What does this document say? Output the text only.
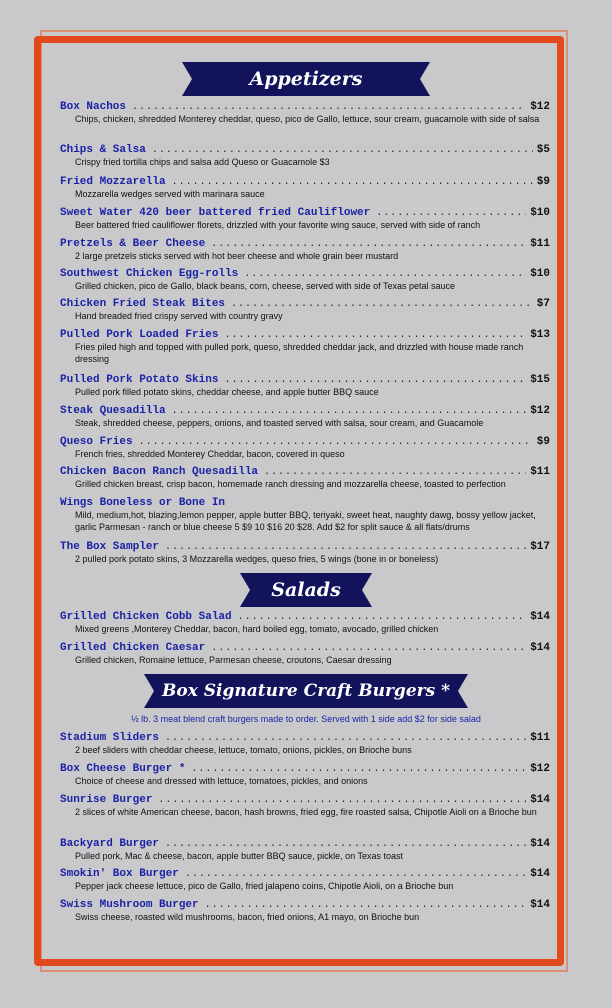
Appetizers
Box Nachos .....	$12
Chips, chicken, shredded Monterey cheddar, queso, pico de Gallo, lettuce, sour cream, guacamole with side of salsa
Chips & Salsa .....	$5
Crispy fried tortilla chips and salsa add Queso or Guacamole $3
Fried Mozzarella .....	$9
Mozzarella wedges served with marinara sauce
Sweet Water 420 beer battered fried Cauliflower .....	$10
Beer battered fried cauliflower florets, drizzled with your favorite wing sauce, served with side of ranch
Pretzels & Beer Cheese .....	$11
2 large pretzels sticks served with hot beer cheese and whole grain beer mustard
Southwest Chicken Egg-rolls .....	$10
Grilled chicken, pico de Gallo, black beans, corn, cheese, served with side of Texas petal sauce
Chicken Fried Steak Bites .....	$7
Hand breaded fried crispy served with country gravy
Pulled Pork Loaded Fries .....	$13
Fries piled high and topped with pulled pork, queso, shredded cheddar jack, and drizzled with house made ranch dressing
Pulled Pork Potato Skins .....	$15
Pulled pork filled potato skins, cheddar cheese, and apple butter BBQ sauce
Steak Quesadilla .....	$12
Steak, shredded cheese, peppers, onions, and toasted served with salsa, sour cream, and Guacamole
Queso Fries .....	$9
French fries, shredded Monterey Cheddar, bacon, covered in queso
Chicken Bacon Ranch Quesadilla .....	$11
Grilled chicken breast, crisp bacon, homemade ranch dressing and mozzarella cheese, toasted to perfection
Wings Boneless or Bone In
Mild, medium,hot, blazing,lemon pepper, apple butter BBQ, teriyaki, sweet heat, naughty dawg, bossy yellow jacket, garlic Parmesan - ranch or blue cheese 5 $9 10 $16 20 $28. Add $2 for split sauce & all flats/drums
The Box Sampler .....	$17
2 pulled pork potato skins, 3 Mozzarella wedges, queso fries, 5 wings (bone in or boneless)
Salads
Grilled Chicken Cobb Salad .....	$14
Mixed greens ,Monterey Cheddar, bacon, hard boiled egg, tomato, avocado, grilled chicken
Grilled Chicken Caesar .....	$14
Grilled chicken, Romaine lettuce, Parmesan cheese, croutons, Caesar dressing
Box Signature Craft Burgers *
½ lb. 3 meat blend craft burgers made to order. Served with 1 side add $2 for side salad
Stadium Sliders .....	$11
2 beef sliders with cheddar cheese, lettuce, tomato, onions, pickles, on Brioche buns
Box Cheese Burger * .....	$12
Choice of cheese and dressed with lettuce, tomatoes, pickles, and onions
Sunrise Burger .....	$14
2 slices of white American cheese, bacon, hash browns, fried egg, fire roasted salsa, Chipotle Aioli on a Brioche bun
Backyard Burger .....	$14
Pulled pork, Mac & cheese, bacon, apple butter BBQ sauce, pickle, on Texas toast
Smokin' Box Burger .....	$14
Pepper jack cheese lettuce, pico de Gallo, fried jalapeno coins, Chipotle Aioli, on a Brioche bun
Swiss Mushroom Burger .....	$14
Swiss cheese, roasted wild mushrooms, bacon, fried onions, A1 mayo, on Brioche bun
